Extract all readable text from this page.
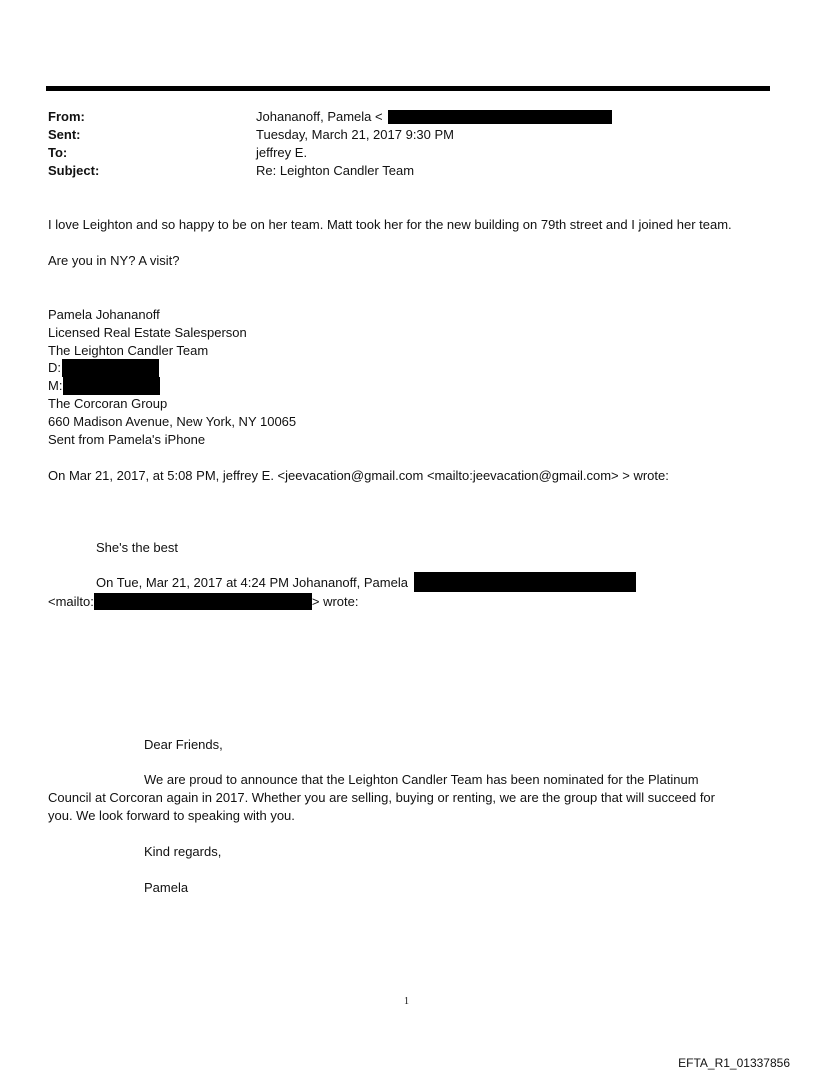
From:	Johananoff, Pamela <
Sent:	Tuesday, March 21, 2017 9:30 PM
To:	jeffrey E.
Subject:	Re: Leighton Candler Team
I love Leighton and so happy to be on her team. Matt took her for the new building on 79th street and I joined her team.
Are you in NY? A visit?
Pamela Johananoff
Licensed Real Estate Salesperson
The Leighton Candler Team
D:
M:
The Corcoran Group
660 Madison Avenue, New York, NY 10065
Sent from Pamela's iPhone
On Mar 21, 2017, at 5:08 PM, jeffrey E. <jeevacation@gmail.com <mailto:jeevacation@gmail.com> > wrote:
She's the best
On Tue, Mar 21, 2017 at 4:24 PM Johananoff, Pamela
<mailto:	> wrote:
Dear Friends,
We are proud to announce that the Leighton Candler Team has been nominated for the Platinum
Council at Corcoran again in 2017. Whether you are selling, buying or renting, we are the group that will succeed for
you. We look forward to speaking with you.
Kind regards,
Pamela
1
EFTA_R1_01337856
